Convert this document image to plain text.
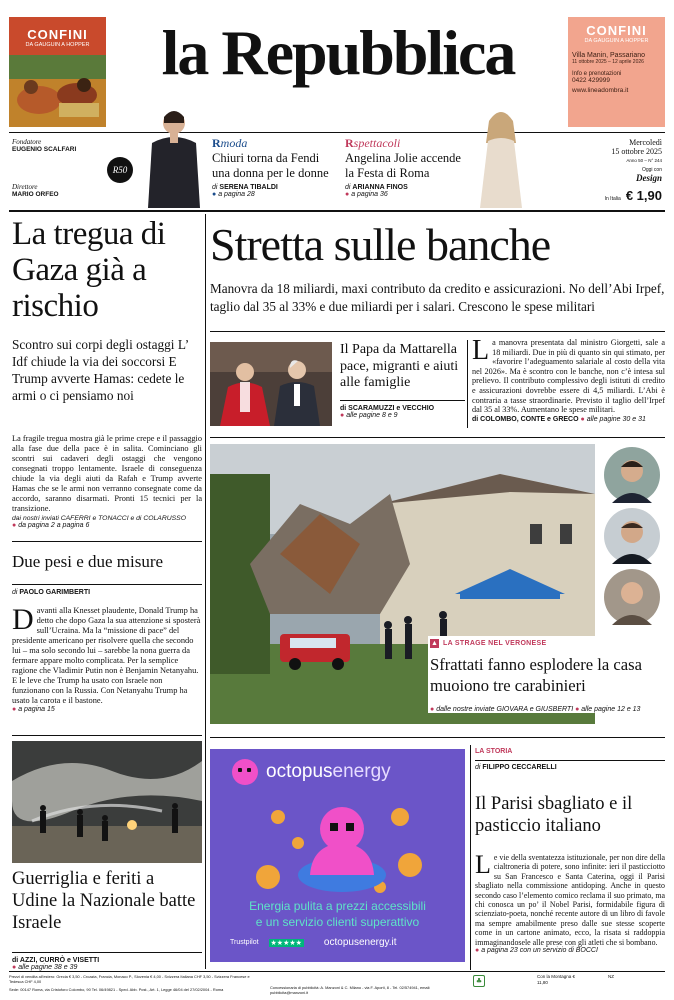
CONFINI
DA GAUGUIN A HOPPER	la Repubblica	CONFINI
DA GAUGUIN A HOPPER
Villa Manin, Passariano
11 ottobre 2025 – 12 aprile 2026
Info e prenotazioni
0422 429999
www.lineadombra.it
Fondatore
EUGENIO SCALFARI
Direttore
MARIO ORFEO
R50
Rmoda
Chiuri torna da Fendi una donna per le donne
di SERENA TIBALDI
● a pagina 28
Rspettacoli
Angelina Jolie accende la Festa di Roma
di ARIANNA FINOS
● a pagina 36
Mercoledì
15 ottobre 2025
Anno 50 – N° 244
Oggi con
Design
In Italia € 1,90
La tregua di Gaza già a rischio
Scontro sui corpi degli ostaggi L’ Idf chiude la via dei soccorsi E Trump avverte Hamas: cedete le armi o ci pensiamo noi
La fragile tregua mostra già le prime crepe e il passaggio alla fase due della pace è in salita. Cominciano gli scontri sui cadaveri degli ostaggi che vengono consegnati troppo lentamente. Israele di conseguenza chiude la via degli aiuti da Rafah e Trump avverte Hamas che se le armi non verranno consegnate come da accordo, saranno disarmati. Pronti 15 tecnici per la transizione.
dai nostri inviati CAFERRI e TONACCI e di COLARUSSO
● da pagina 2 a pagina 6
Due pesi e due misure
di PAOLO GARIMBERTI
Davanti alla Knesset plaudente, Donald Trump ha detto che dopo Gaza la sua attenzione si sposterà sull’Ucraina. Ma la “missione di pace” del presidente americano per risolvere quella che secondo lui – ma solo secondo lui – sarebbe la nona guerra da fermare appare molto complicata. Per la semplice ragione che Vladimir Putin non è Benjamin Netanyahu. E le leve che Trump ha usato con Israele non funzionano con la Russia. Con Netanyahu Trump ha usato la carota e il bastone.
● a pagina 15
Guerriglia e feriti a Udine la Nazionale batte Israele
di AZZI, CURRÒ e VISETTI
● alle pagine 38 e 39
Stretta sulle banche
Manovra da 18 miliardi, maxi contributo da credito e assicurazioni. No dell’Abi Irpef, taglio dal 35 al 33% e due miliardi per i salari. Crescono le spese militari
Il Papa da Mattarella pace, migranti e aiuti alle famiglie
di SCARAMUZZI e VECCHIO
● alle pagine 8 e 9
La manovra presentata dal ministro Giorgetti, sale a 18 miliardi. Due in più di quanto sin qui stimato, per «favorire l’adeguamento salariale al costo della vita nel 2026». Ma è scontro con le banche, non c’è intesa sul prelievo. Il contributo complessivo degli istituti di credito e assicurazioni dovrebbe essere di 4,5 miliardi. L’Abi è contraria a tasse straordinarie. Previsto il taglio dell’Irpef dal 35 al 33%. Aumentano le spese militari.
di COLOMBO, CONTE e GRECO ● alle pagine 30 e 31
▲ LA STRAGE NEL VERONESE
Sfrattati fanno esplodere la casa muoiono tre carabinieri
● dalle nostre inviate GIOVARA e GIUSBERTI ● alle pagine 12 e 13
octopusenergy
Energia pulita a prezzi accessibili
e un servizio clienti superattivo
Trustpilot ★★★★★ octopusenergy.it
LA STORIA
di FILIPPO CECCARELLI
Il Parisi sbagliato e il pasticcio italiano
Le vie della sventatezza istituzionale, per non dire della cialtroneria di potere, sono infinite: ieri il pasticciotto su San Francesco e Santa Caterina, oggi il Parisi sbagliato nella commissione antidoping. Anche in questo secondo caso l’elemento comico reclama il suo primato, ma chi conosca un po’ il Nobel Parisi, formidabile figura di scienziato-poeta, nonché recente autore di un libro di favole ma sempre amabilmente preso dalle sue stesse scoperte come in un cartone animato, ecco, la risata si raddoppia immaginandosele alle prese con gli atleti che si bombano.
● a pagina 23 con un servizio di BOCCI
Prezzi di vendita all’estero: Grecia € 3,50 - Croazia, Francia, Monaco P., Slovenia € 4,00 - Svizzera Italiana CHF 3,50 - Svizzera Francese e Tedesca CHF 4,00
Sede: 00147 Roma, via Cristoforo Colombo, 90 Tel. 06/49821 - Sped. Abb. Post., Art. 1, Legge 46/04 del 27/02/2004 - Roma	Concessionaria di pubblicità: A. Manzoni & C. Milano - via F. Aporti, 8 - Tel. 02/574941, email: pubblicita@manzoni.it
♣
Con la Montagna € 11,80
NZ
